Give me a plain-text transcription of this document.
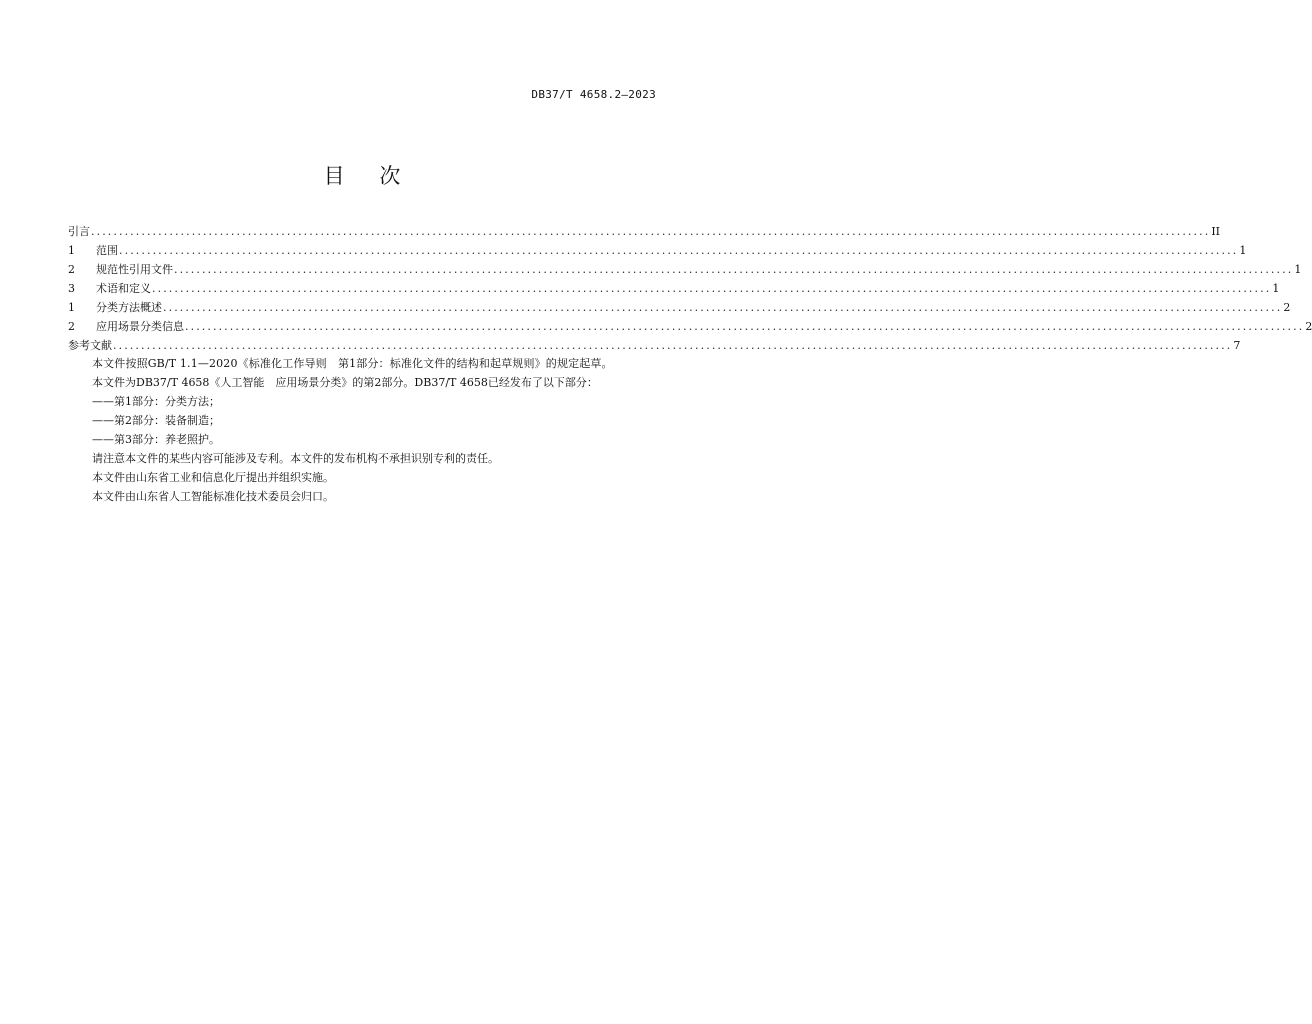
DB37/T 4658.2—2023
目 次
引言 ........................................................................................................................................................................................................ II
1	范围 ........................................................................................................................................................................................................ 1
2	规范性引用文件 ........................................................................................................................................................................................................ 1
3	术语和定义 ........................................................................................................................................................................................................ 1
1	分类方法概述 ........................................................................................................................................................................................................ 2
2	应用场景分类信息 ........................................................................................................................................................................................................ 2
参考文献 ........................................................................................................................................................................................................ 7

本文件按照GB/T 1.1—2020《标准化工作导则　第1部分：标准化文件的结构和起草规则》的规定起草。

本文件为DB37/T 4658《人工智能　应用场景分类》的第2部分。DB37/T 4658已经发布了以下部分：

——第1部分：分类方法；

——第2部分：装备制造；

——第3部分：养老照护。

请注意本文件的某些内容可能涉及专利。本文件的发布机构不承担识别专利的责任。

本文件由山东省工业和信息化厅提出并组织实施。

本文件由山东省人工智能标准化技术委员会归口。
